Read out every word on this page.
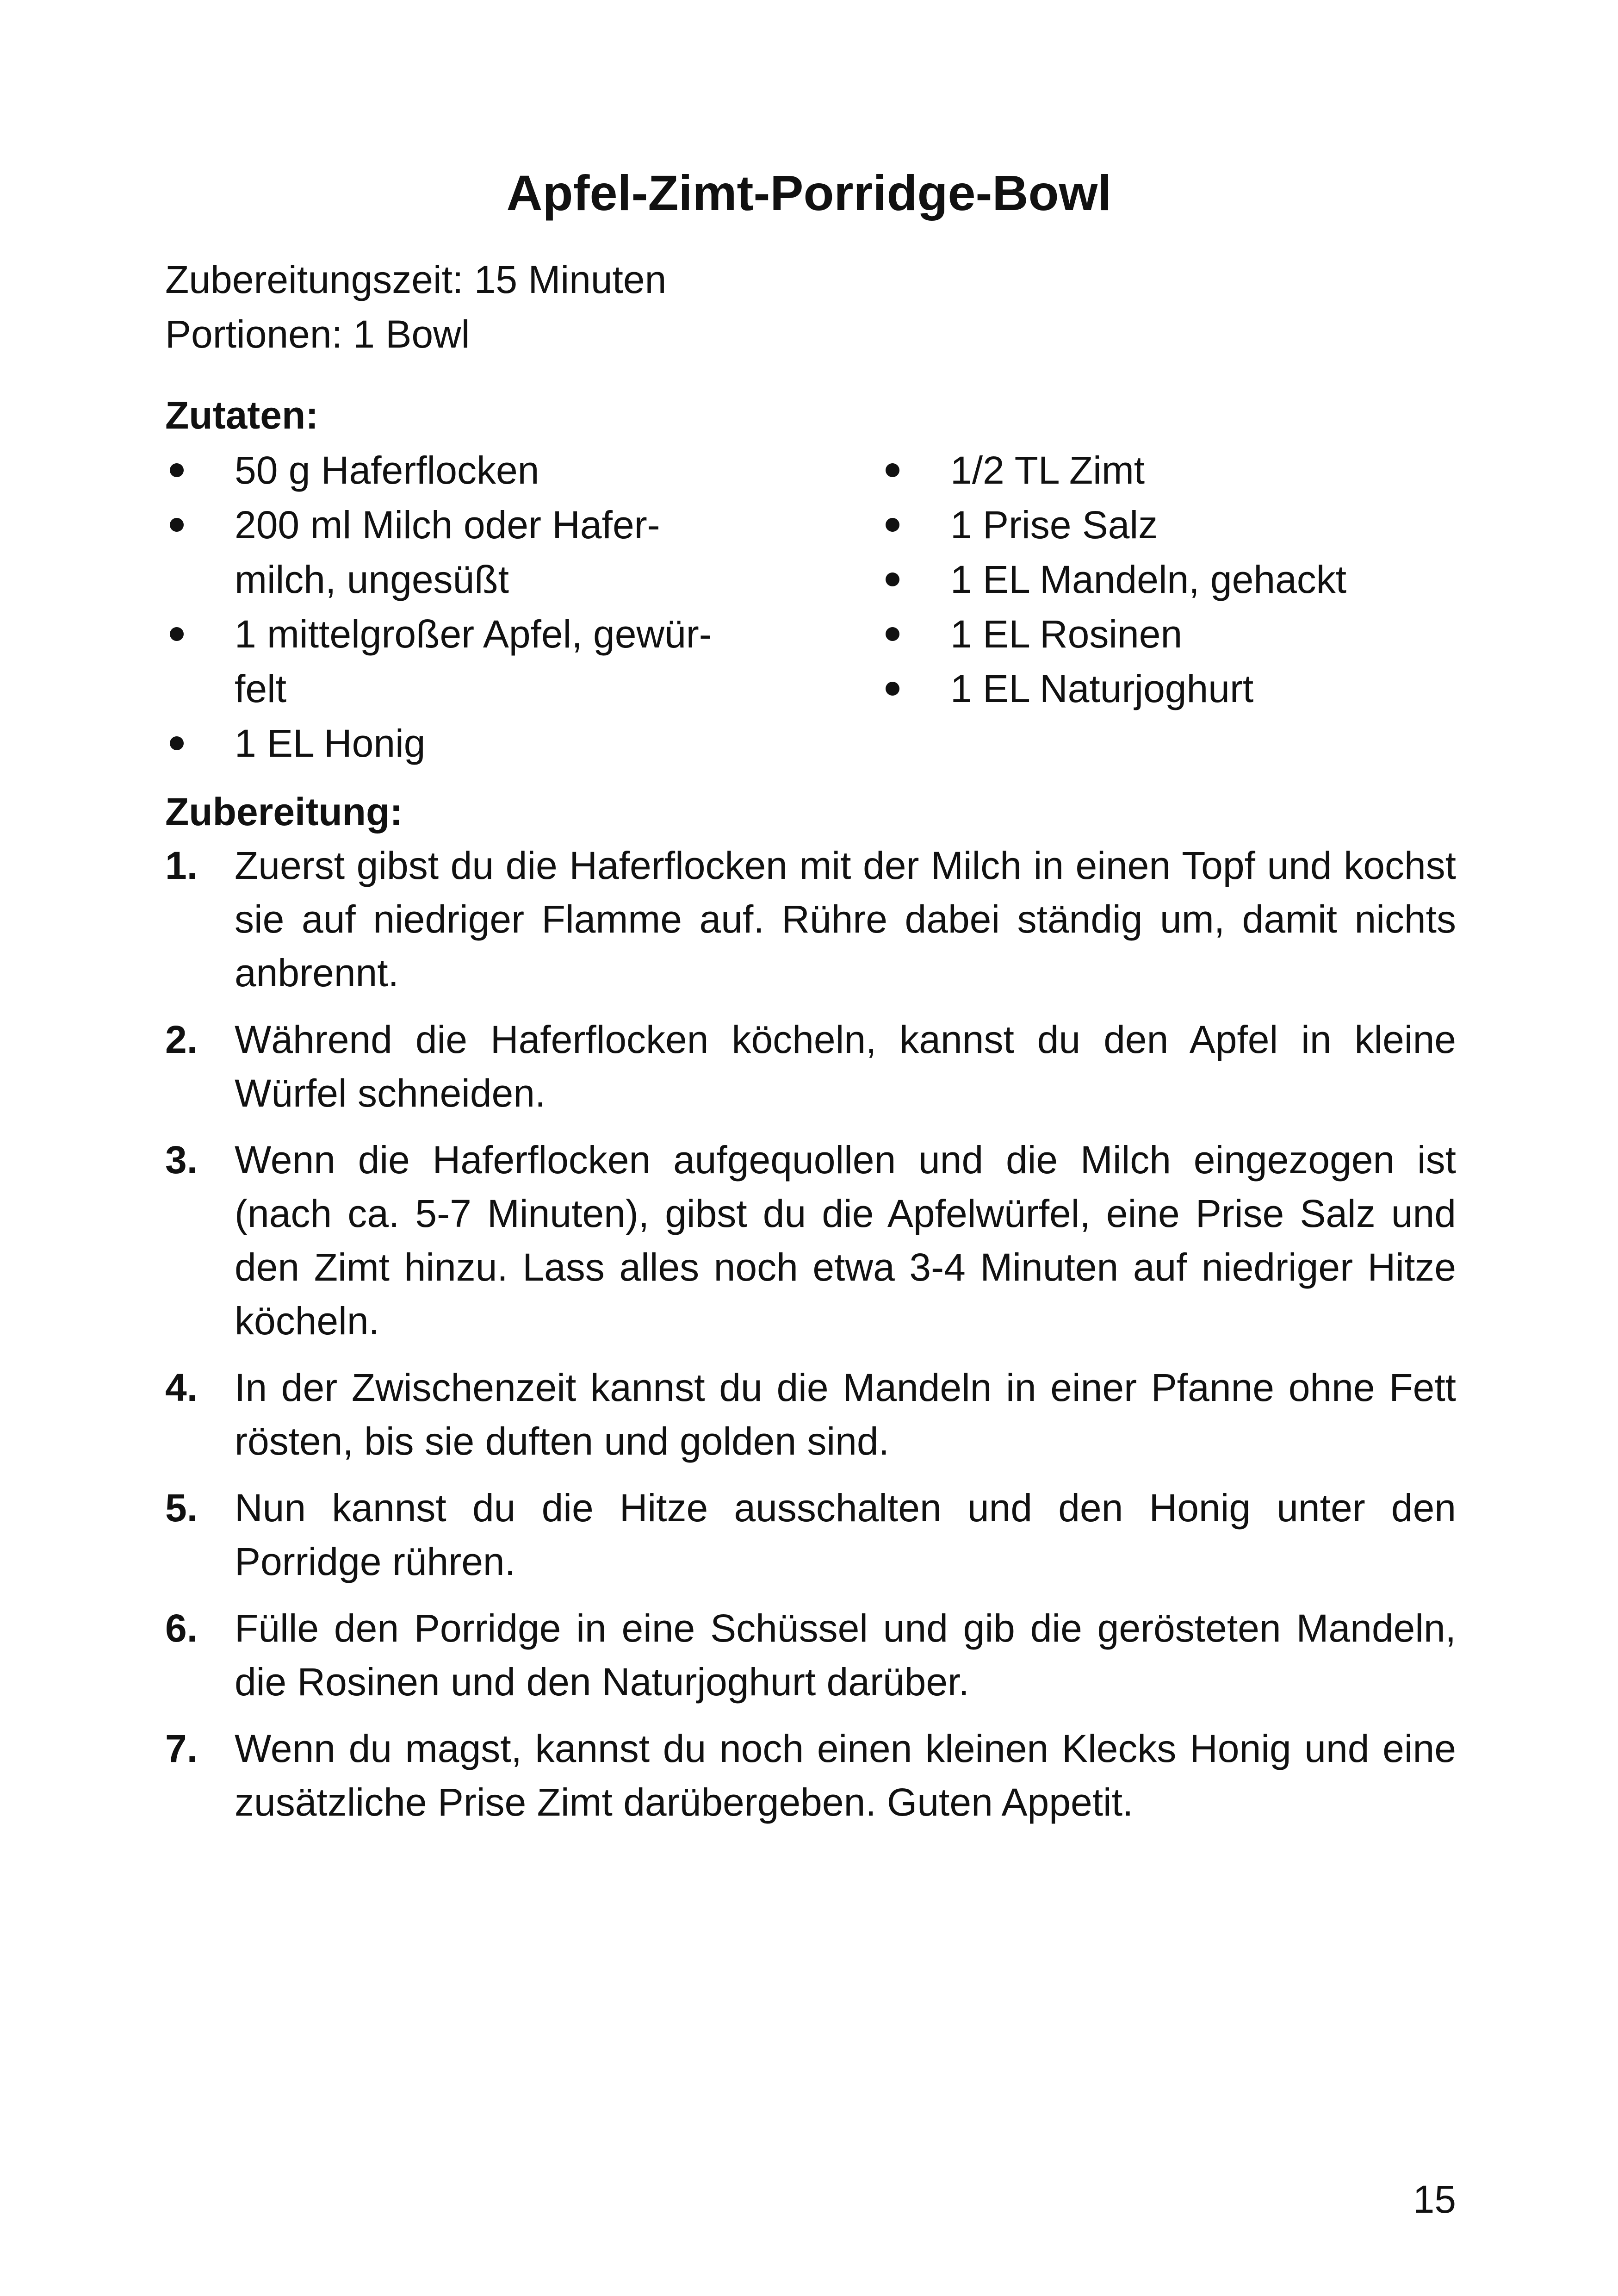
Apfel-Zimt-Porridge-Bowl
Zubereitungszeit: 15 Minuten
Portionen: 1 Bowl
Zutaten:
50 g Haferflocken
200 ml Milch oder Hafer-
milch, ungesüßt
1 mittelgroßer Apfel, gewür-
felt
1 EL Honig
1/2 TL Zimt
1 Prise Salz
1 EL Mandeln, gehackt
1 EL Rosinen
1 EL Naturjoghurt
Zubereitung:
1. Zuerst gibst du die Haferflocken mit der Milch in einen Topf und kochst sie auf niedriger Flamme auf. Rühre dabei ständig um, damit nichts anbrennt.
2. Während die Haferflocken köcheln, kannst du den Apfel in kleine Würfel schneiden.
3. Wenn die Haferflocken aufgequollen und die Milch eingezogen ist (nach ca. 5-7 Minuten), gibst du die Apfelwürfel, eine Prise Salz und den Zimt hinzu. Lass alles noch etwa 3-4 Minuten auf niedriger Hitze köcheln.
4. In der Zwischenzeit kannst du die Mandeln in einer Pfanne ohne Fett rösten, bis sie duften und golden sind.
5. Nun kannst du die Hitze ausschalten und den Honig unter den Porridge rühren.
6. Fülle den Porridge in eine Schüssel und gib die gerösteten Mandeln, die Rosinen und den Naturjoghurt darüber.
7. Wenn du magst, kannst du noch einen kleinen Klecks Honig und eine zusätzliche Prise Zimt darübergeben. Guten Appetit.
15
